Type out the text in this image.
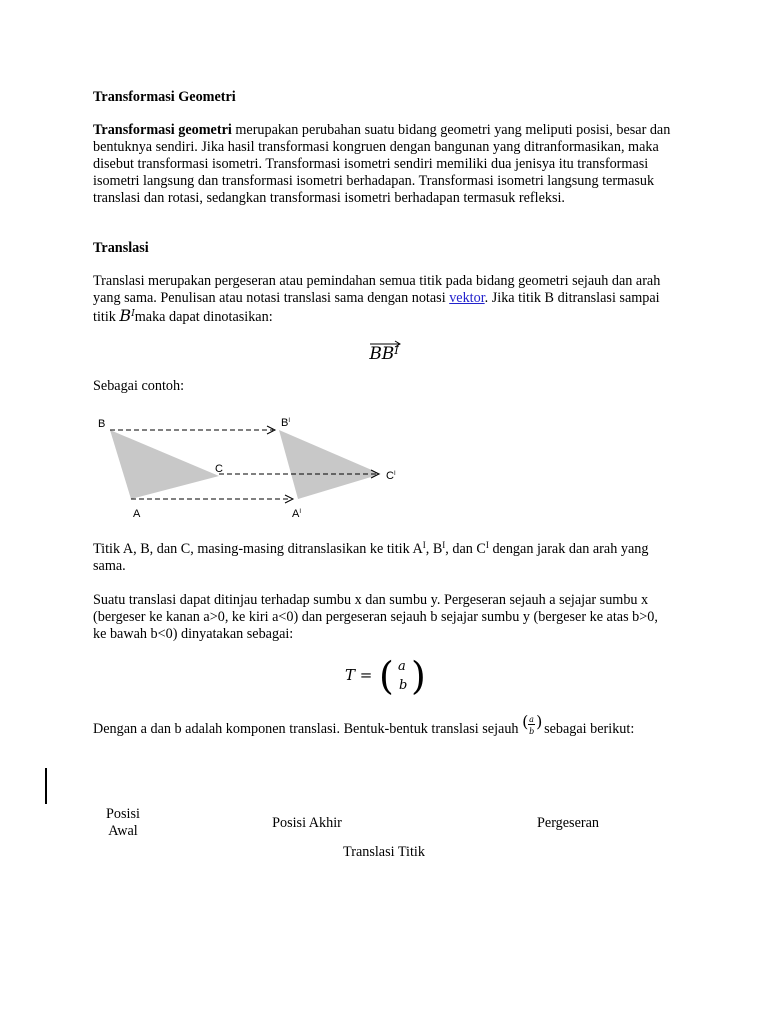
Transformasi Geometri

Transformasi geometri merupakan perubahan suatu bidang geometri yang meliputi posisi, besar dan bentuknya sendiri. Jika hasil transformasi kongruen dengan bangunan yang ditranformasikan, maka disebut transformasi isometri. Transformasi isometri sendiri memiliki dua jenisya itu transformasi isometri langsung dan transformasi isometri berhadapan. Transformasi isometri langsung termasuk translasi dan rotasi, sedangkan transformasi isometri berhadapan termasuk refleksi.

Translasi

Translasi merupakan pergeseran atau pemindahan semua titik pada bidang geometri sejauh dan arah yang sama. Penulisan atau notasi translasi sama dengan notasi vektor. Jika titik B ditranslasi sampai titik $B^Imaka$ dapat dinotasikan:

$BB^I$
Sebagai contoh:
B	$B^I$
C
$C^I$
A	$A^I$

Titik A, B, dan C, masing-masing ditranslasikan ke titik $A^I$, $B^I$, dan $C^I$ dengan jarak dan arah yang sama.

Suatu translasi dapat ditinjau terhadap sumbu x dan sumbu y. Pergeseran sejauh a sejajar sumbu x (bergeser ke kanan a>0, ke kiri a<0) dan pergeseran sejauh b sejajar sumbu y (bergeser ke atas b>0, ke bawah b<0) dinyatakan sebagai:
T = ( a
b )

Dengan a dan b adalah komponen translasi. Bentuk-bentuk translasi sejauh ( a
b
) sebagai berikut:

Posisi Awal	Posisi Akhir	Pergeseran
Translasi Titik
